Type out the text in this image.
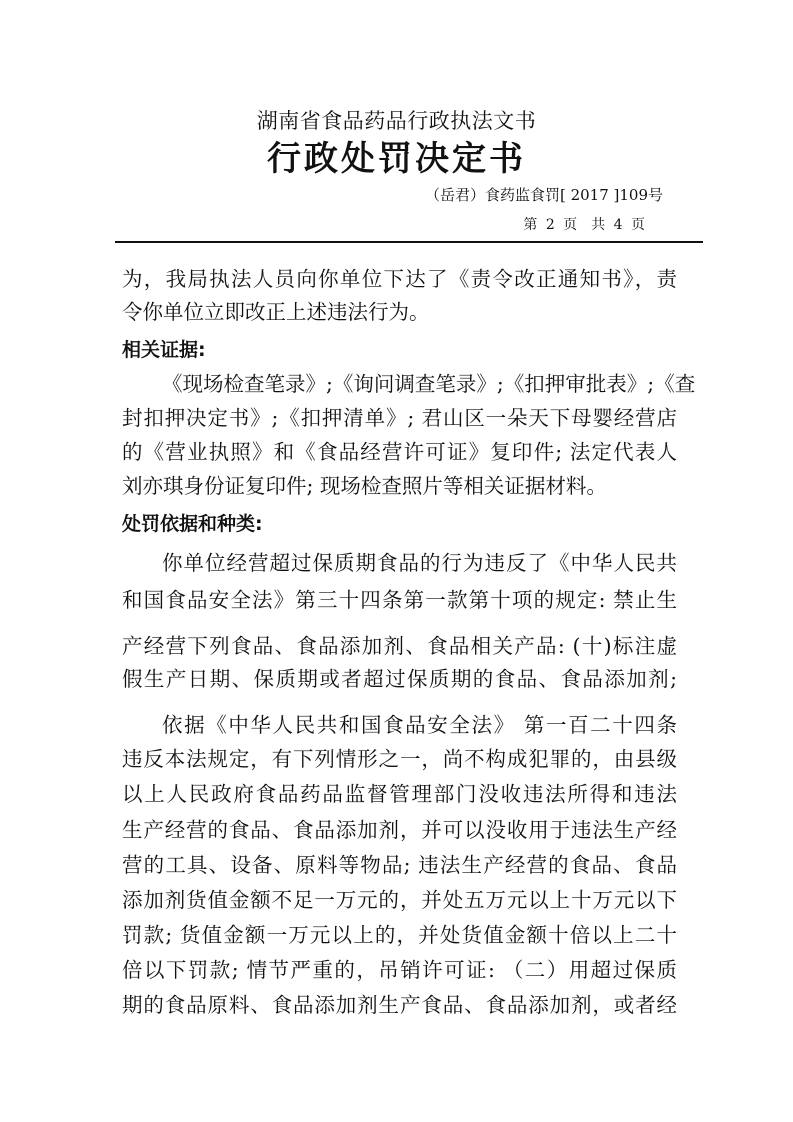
湖南省食品药品行政执法文书
行政处罚决定书
（岳君）食药监食罚[ 2017 ]109号
第 2 页　共 4 页
为，我局执法人员向你单位下达了《责令改正通知书》，责
令你单位立即改正上述违法行为。
相关证据:
《现场检查笔录》;《询问调查笔录》;《扣押审批表》;《查
封扣押决定书》;《扣押清单》; 君山区一朵天下母婴经营店
的《营业执照》和《食品经营许可证》复印件; 法定代表人
刘亦琪身份证复印件; 现场检查照片等相关证据材料。
处罚依据和种类:
你单位经营超过保质期食品的行为违反了《中华人民共
和国食品安全法》第三十四条第一款第十项的规定: 禁止生
产经营下列食品、食品添加剂、食品相关产品: (十)标注虚
假生产日期、保质期或者超过保质期的食品、食品添加剂;
依据《中华人民共和国食品安全法》 第一百二十四条
违反本法规定，有下列情形之一，尚不构成犯罪的，由县级
以上人民政府食品药品监督管理部门没收违法所得和违法
生产经营的食品、食品添加剂，并可以没收用于违法生产经
营的工具、设备、原料等物品; 违法生产经营的食品、食品
添加剂货值金额不足一万元的，并处五万元以上十万元以下
罚款; 货值金额一万元以上的，并处货值金额十倍以上二十
倍以下罚款; 情节严重的，吊销许可证: （二）用超过保质
期的食品原料、食品添加剂生产食品、食品添加剂，或者经
